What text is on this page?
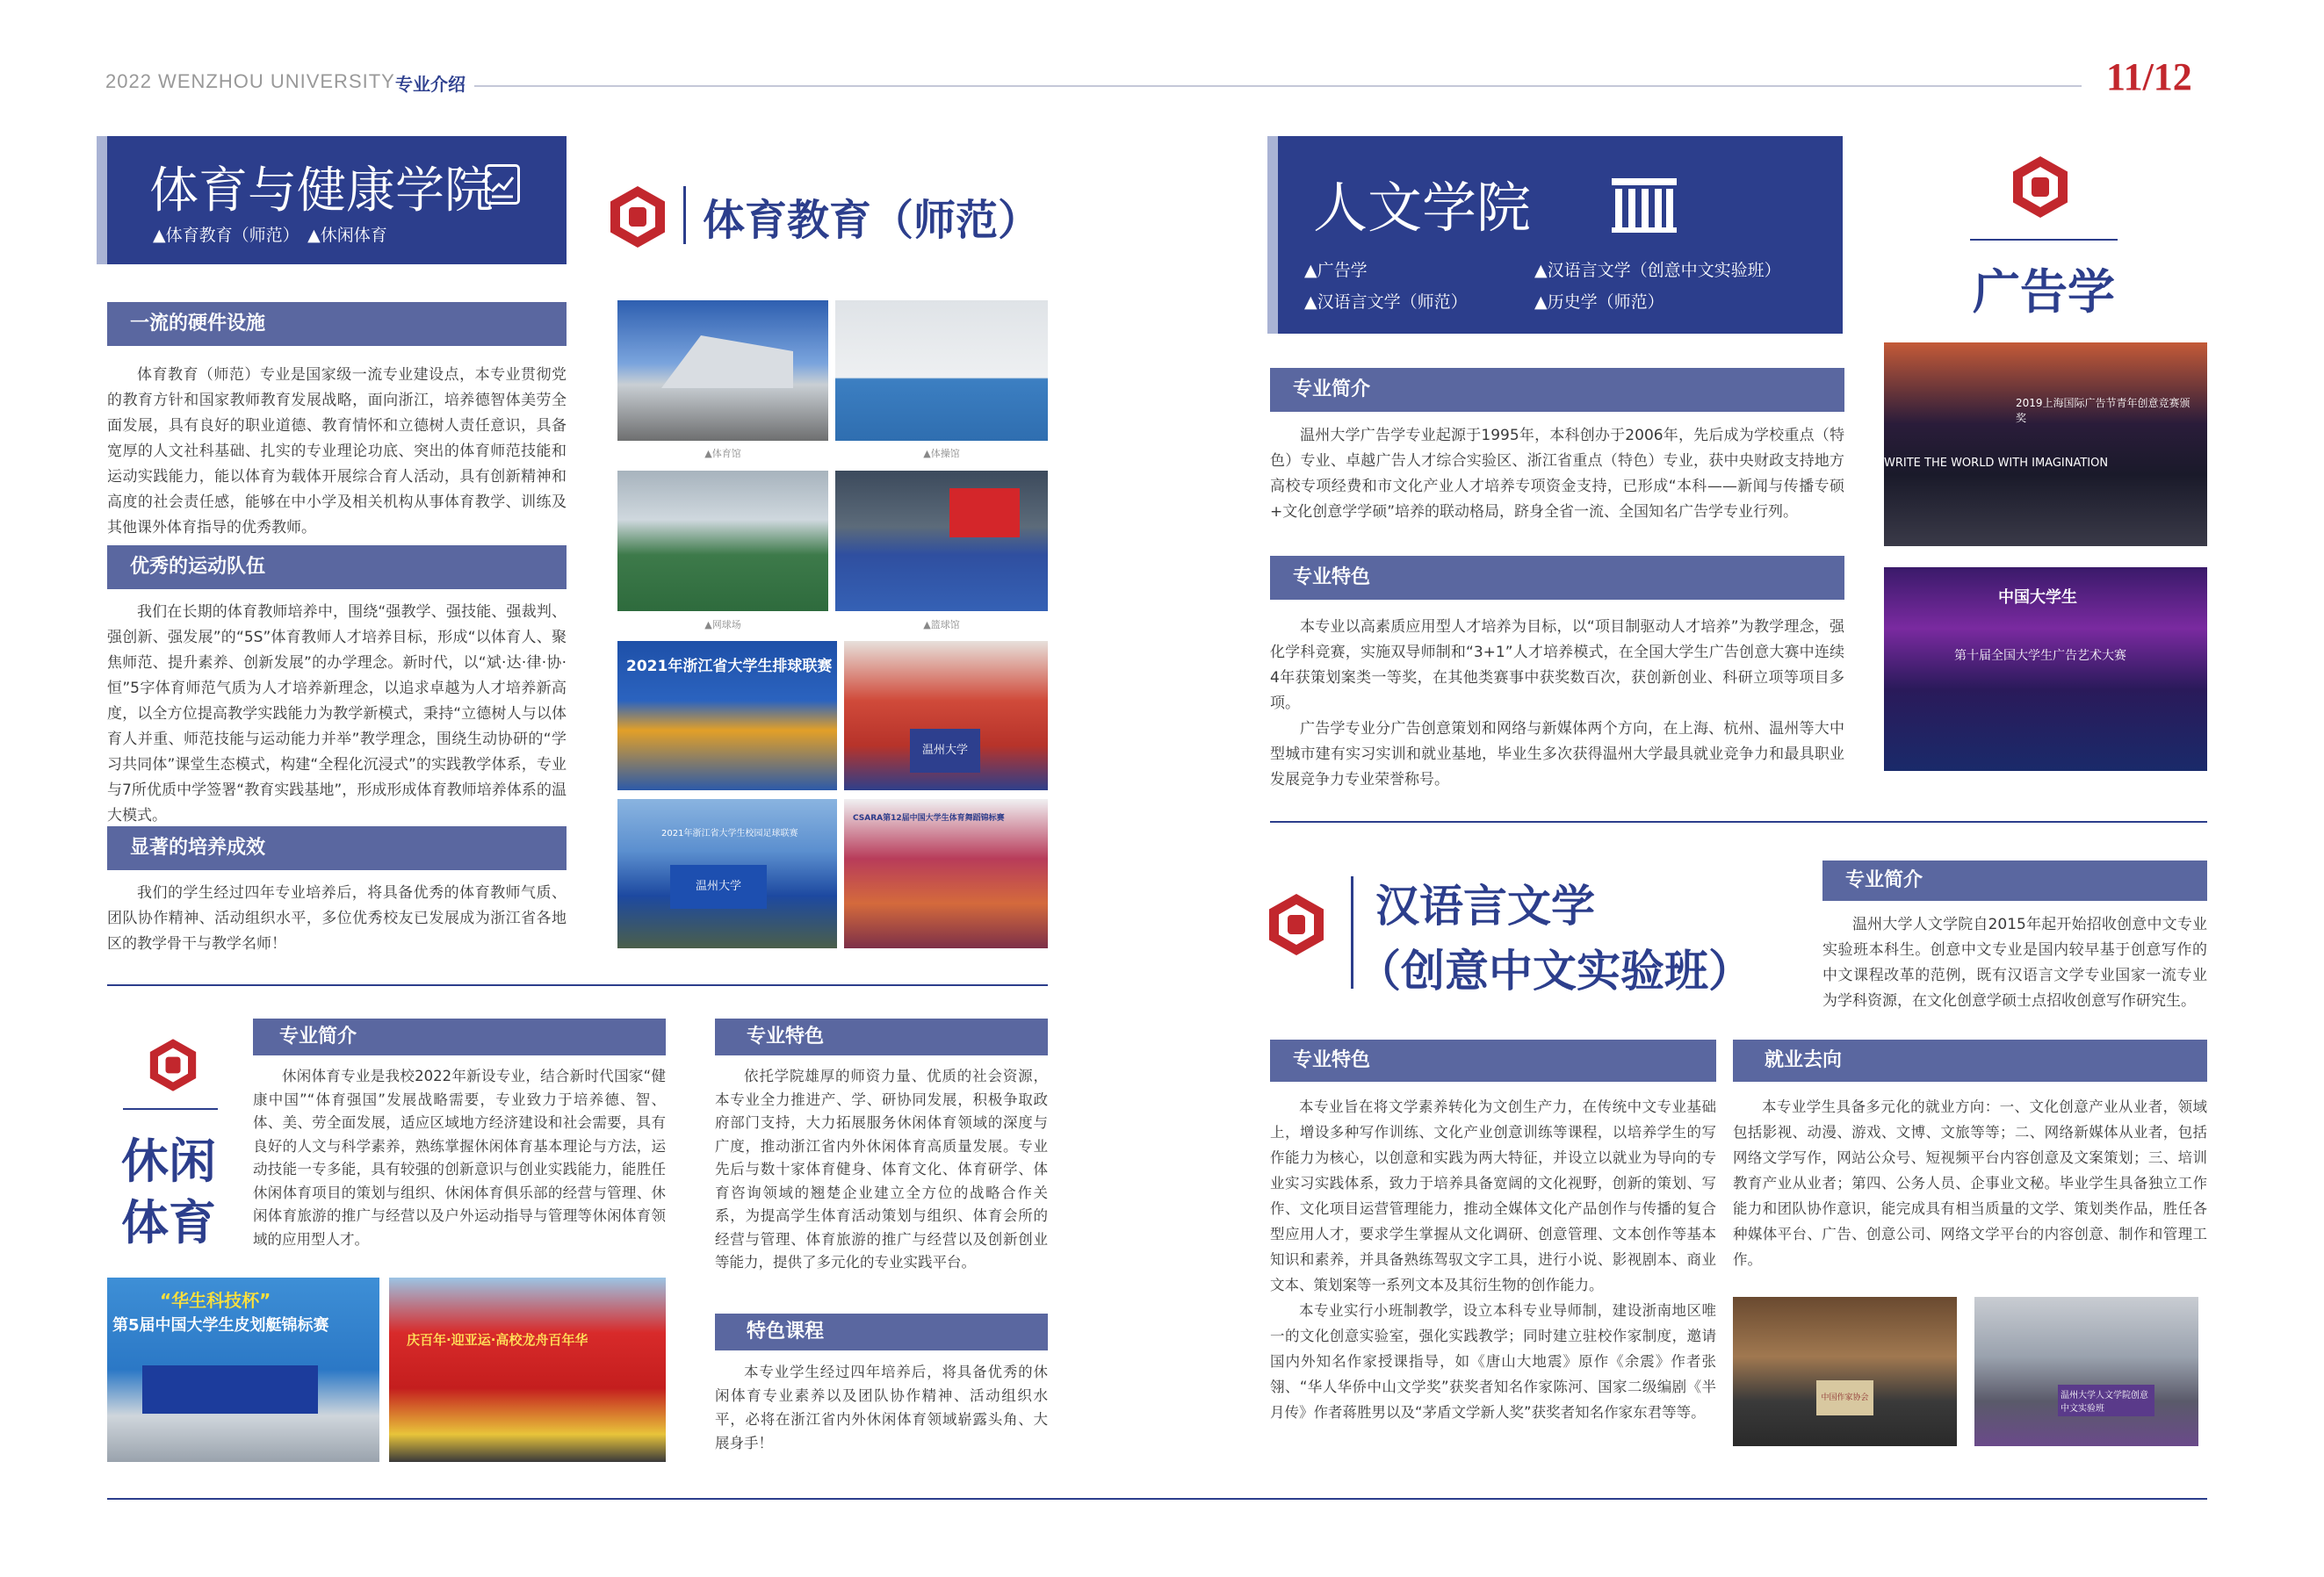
2022 WENZHOU UNIVERSITY 专业介绍	11/12
体育与健康学院
▲体育教育（师范）　▲休闲体育	体育教育（师范）
一流的硬件设施

体育教育（师范）专业是国家级一流专业建设点，本专业贯彻党的教育方针和国家教师教育发展战略，面向浙江，培养德智体美劳全面发展，具有良好的职业道德、教育情怀和立德树人责任意识，具备宽厚的人文社科基础、扎实的专业理论功底、突出的体育师范技能和运动实践能力，能以体育为载体开展综合育人活动，具有创新精神和高度的社会责任感，能够在中小学及相关机构从事体育教学、训练及其他课外体育指导的优秀教师。

优秀的运动队伍

我们在长期的体育教师培养中，围绕“强教学、强技能、强裁判、强创新、强发展”的“5S”体育教师人才培养目标，形成“以体育人、聚焦师范、提升素养、创新发展”的办学理念。新时代，以“斌·达·律·协·恒”5字体育师范气质为人才培养新理念，以追求卓越为人才培养新高度，以全方位提高教学实践能力为教学新模式，秉持“立德树人与以体育人并重、师范技能与运动能力并举”教学理念，围绕生动协研的“学习共同体”课堂生态模式，构建“全程化沉浸式”的实践教学体系，专业与7所优质中学签署“教育实践基地”，形成形成体育教师培养体系的温大模式。

显著的培养成效

我们的学生经过四年专业培养后，将具备优秀的体育教师气质、团队协作精神、活动组织水平，多位优秀校友已发展成为浙江省各地区的教学骨干与教学名师！

▲体育馆	▲体操馆
▲网球场	▲篮球馆
2021年浙江省大学生排球联赛
温州大学
2021年浙江省大学生校园足球联赛
温州大学
CSARA第12届中国大学生体育舞蹈锦标赛
休闲
体育
专业简介

休闲体育专业是我校2022年新设专业，结合新时代国家“健康中国”“体育强国”发展战略需要，专业致力于培养德、智、体、美、劳全面发展，适应区域地方经济建设和社会需要，具有良好的人文与科学素养，熟练掌握休闲体育基本理论与方法，运动技能一专多能，具有较强的创新意识与创业实践能力，能胜任休闲体育项目的策划与组织、休闲体育俱乐部的经营与管理、休闲体育旅游的推广与经营以及户外运动指导与管理等休闲体育领域的应用型人才。

专业特色

依托学院雄厚的师资力量、优质的社会资源，本专业全力推进产、学、研协同发展，积极争取政府部门支持，大力拓展服务休闲体育领域的深度与广度，推动浙江省内外休闲体育高质量发展。专业先后与数十家体育健身、体育文化、体育研学、体育咨询领域的翘楚企业建立全方位的战略合作关系，为提高学生体育活动策划与组织、体育会所的经营与管理、体育旅游的推广与经营以及创新创业等能力，提供了多元化的专业实践平台。

特色课程

本专业学生经过四年培养后，将具备优秀的休闲体育专业素养以及团队协作精神、活动组织水平，必将在浙江省内外休闲体育领域崭露头角、大展身手！

“华生科技杯”
第5届中国大学生皮划艇锦标赛
庆百年·迎亚运·高校龙舟百年华
人文学院
▲广告学	▲汉语言文学（创意中文实验班）
▲汉语言文学（师范）	▲历史学（师范）	广告学
专业简介

温州大学广告学专业起源于1995年，本科创办于2006年，先后成为学校重点（特色）专业、卓越广告人才综合实验区、浙江省重点（特色）专业，获中央财政支持地方高校专项经费和市文化产业人才培养专项资金支持，已形成“本科——新闻与传播专硕+文化创意学学硕”培养的联动格局，跻身全省一流、全国知名广告学专业行列。

专业特色

本专业以高素质应用型人才培养为目标，以“项目制驱动人才培养”为教学理念，强化学科竞赛，实施双导师制和“3+1”人才培养模式，在全国大学生广告创意大赛中连续4年获策划案类一等奖，在其他类赛事中获奖数百次，获创新创业、科研立项等项目多项。

广告学专业分广告创意策划和网络与新媒体两个方向，在上海、杭州、温州等大中型城市建有实习实训和就业基地，毕业生多次获得温州大学最具就业竞争力和最具职业发展竞争力专业荣誉称号。

2019上海国际广告节青年创意竞赛颁奖
WRITE THE WORLD WITH IMAGINATION
中国大学生
第十届全国大学生广告艺术大赛
汉语言文学
（创意中文实验班）
专业简介

温州大学人文学院自2015年起开始招收创意中文专业实验班本科生。创意中文专业是国内较早基于创意写作的中文课程改革的范例，既有汉语言文学专业国家一流专业为学科资源，在文化创意学硕士点招收创意写作研究生。

专业特色

本专业旨在将文学素养转化为文创生产力，在传统中文专业基础上，增设多种写作训练、文化产业创意训练等课程，以培养学生的写作能力为核心，以创意和实践为两大特征，并设立以就业为导向的专业实习实践体系，致力于培养具备宽阔的文化视野，创新的策划、写作、文化项目运营管理能力，推动全媒体文化产品创作与传播的复合型应用人才，要求学生掌握从文化调研、创意管理、文本创作等基本知识和素养，并具备熟练驾驭文字工具，进行小说、影视剧本、商业文本、策划案等一系列文本及其衍生物的创作能力。

本专业实行小班制教学，设立本科专业导师制，建设浙南地区唯一的文化创意实验室，强化实践教学；同时建立驻校作家制度，邀请国内外知名作家授课指导，如《唐山大地震》原作《余震》作者张翎、“华人华侨中山文学奖”获奖者知名作家陈河、国家二级编剧《半月传》作者蒋胜男以及“茅盾文学新人奖”获奖者知名作家东君等等。

就业去向

本专业学生具备多元化的就业方向：一、文化创意产业从业者，领域包括影视、动漫、游戏、文博、文旅等等；二、网络新媒体从业者，包括网络文学写作，网站公众号、短视频平台内容创意及文案策划；三、培训教育产业从业者；第四、公务人员、企事业文秘。毕业学生具备独立工作能力和团队协作意识，能完成具有相当质量的文学、策划类作品，胜任各种媒体平台、广告、创意公司、网络文学平台的内容创意、制作和管理工作。

中国作家协会	温州大学人文学院创意中文实验班
